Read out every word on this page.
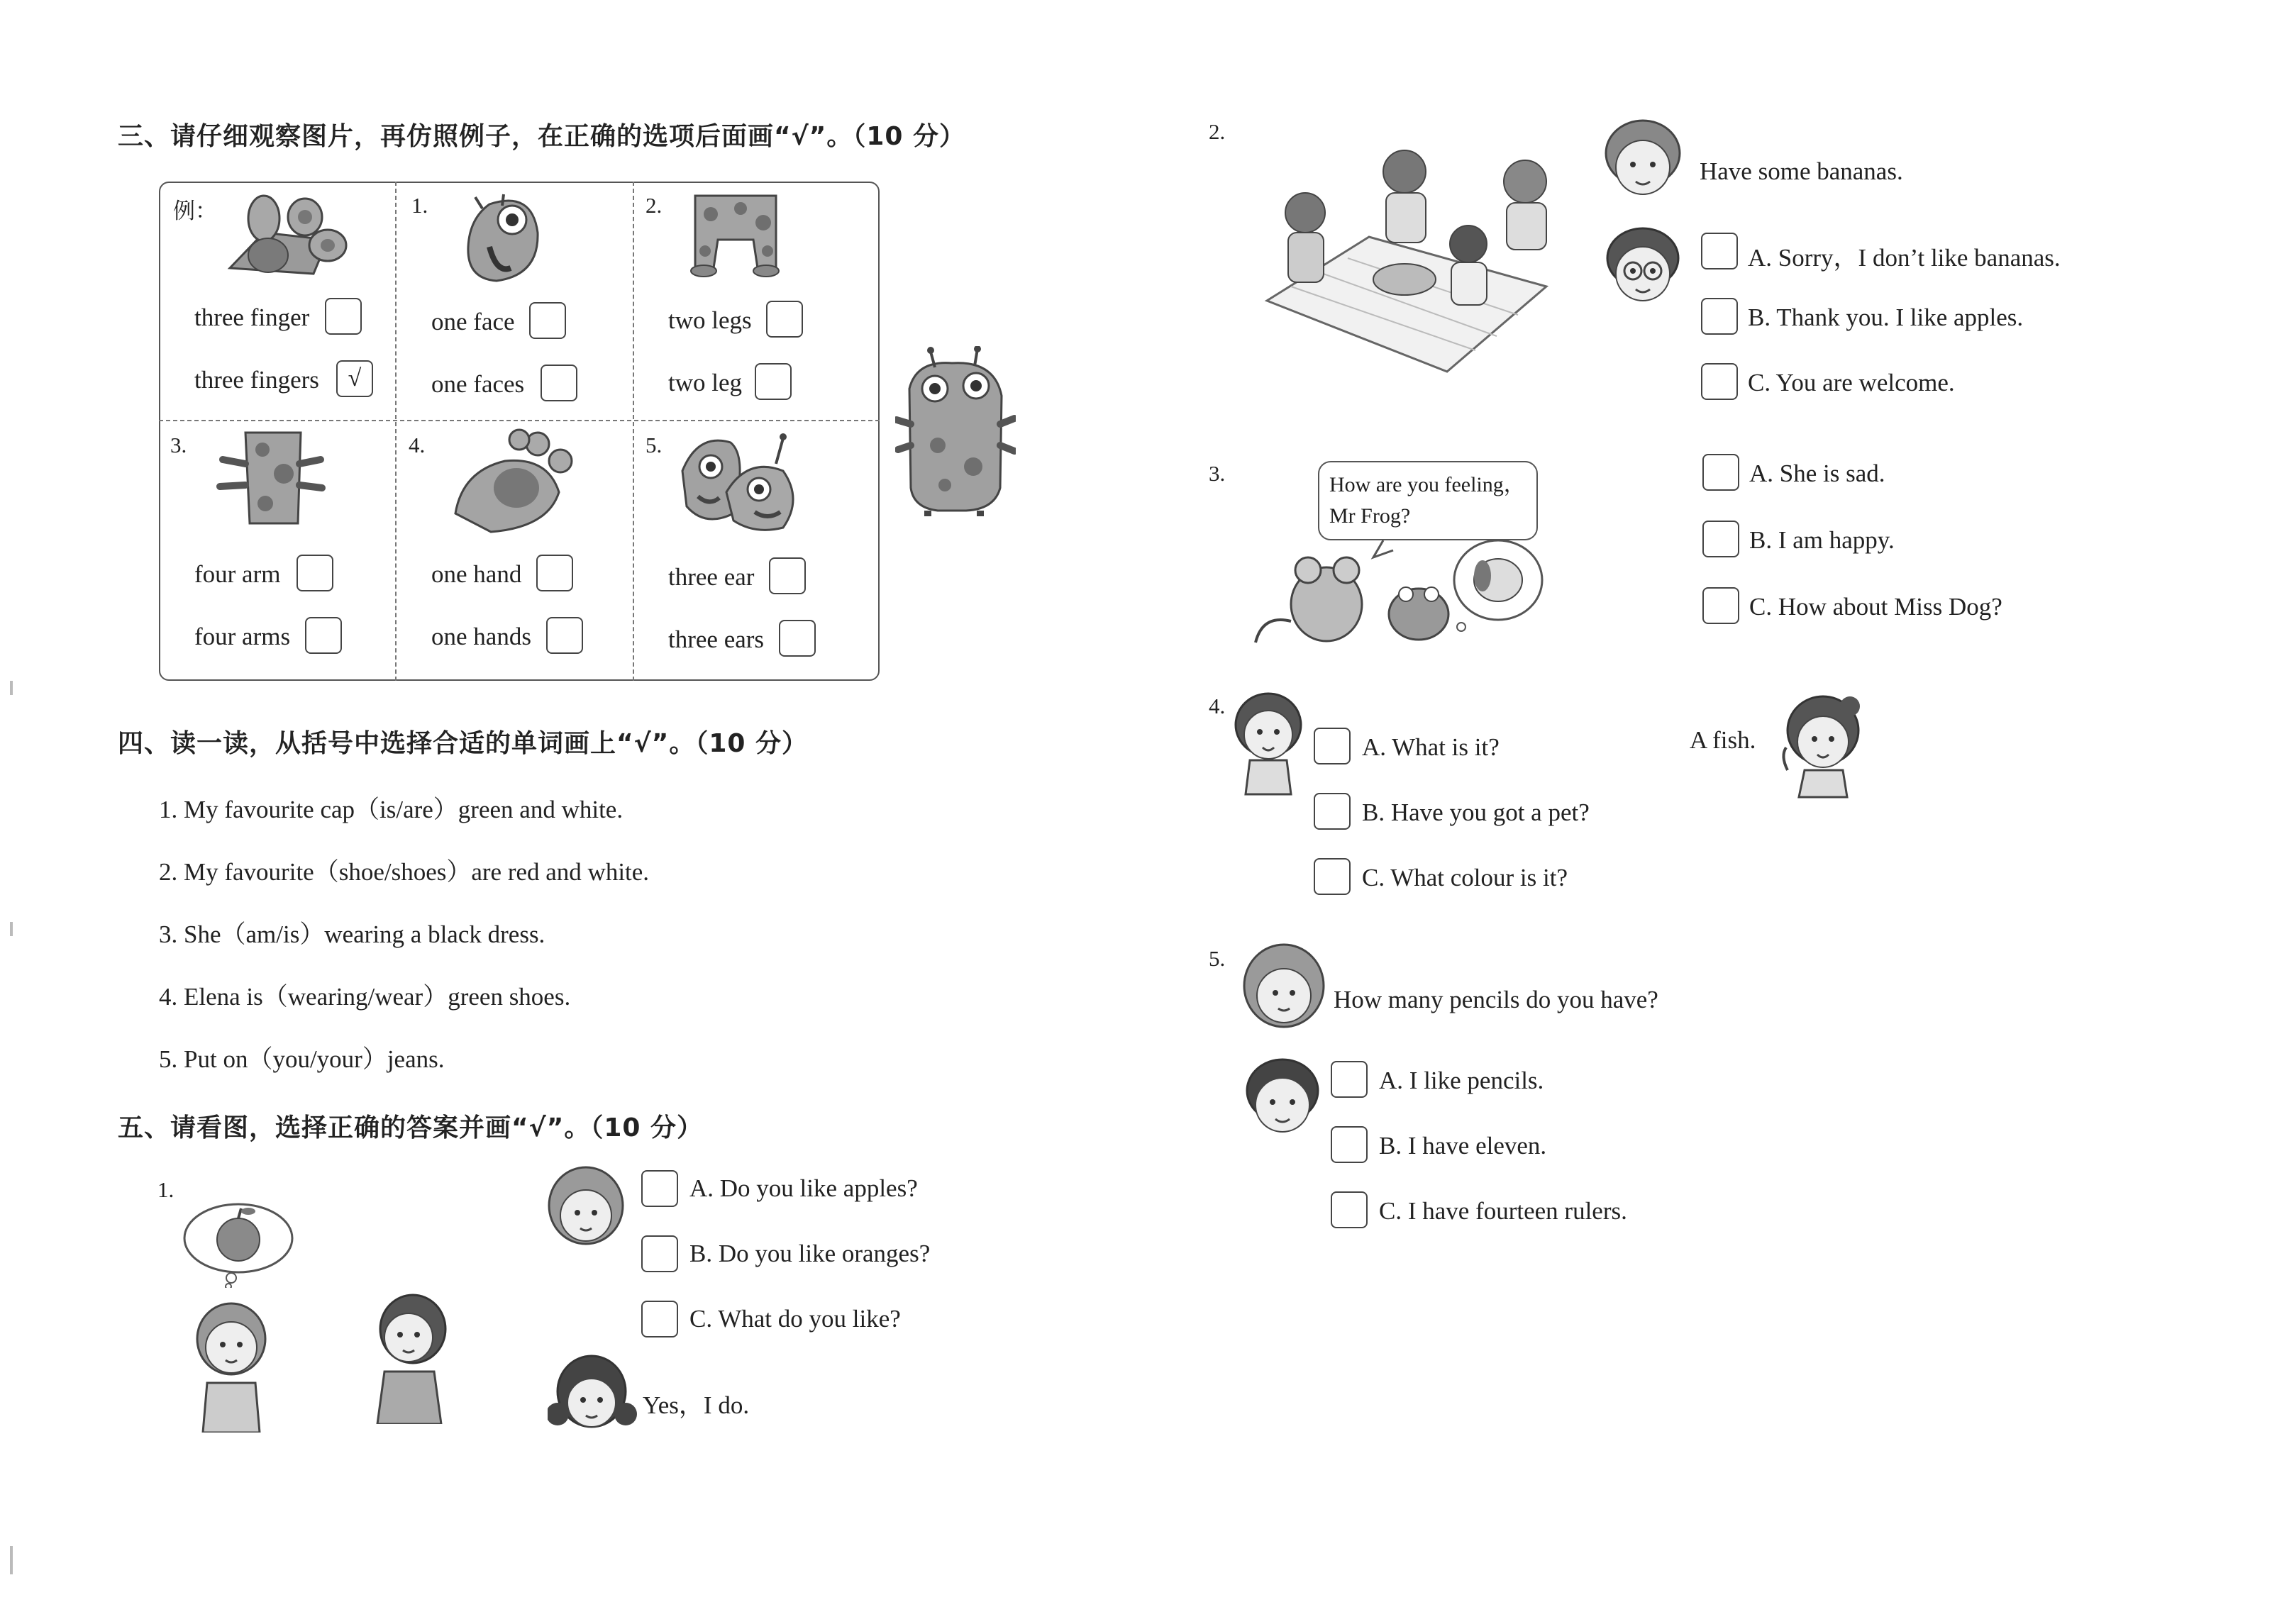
三、请仔细观察图片，再仿照例子，在正确的选项后面画“√”。（10 分）
例：
three finger
three fingers	√
1.
one face
one faces
2.
two legs
two leg
3.
four arm
four arms
4.
one hand
one hands
5.
three ear
three ears
四、读一读，从括号中选择合适的单词画上“√”。（10 分）
1. My favourite cap（is/are）green and white.
2. My favourite（shoe/shoes）are red and white.
3. She（am/is）wearing a black dress.
4. Elena is（wearing/wear）green shoes.
5. Put on（you/your）jeans.
五、请看图，选择正确的答案并画“√”。（10 分）
1.	A. Do you like apples?
B. Do you like oranges?
C. What do you like?
Yes，I do.
2.
Have some bananas.
A. Sorry，I don’t like bananas.
B. Thank you. I like apples.
C. You are welcome.
3.	How are you feeling，
Mr Frog?
A. She is sad.
B. I am happy.
C. How about Miss Dog?
4.
A. What is it?
B. Have you got a pet?
C. What colour is it?
A fish.
5.
How many pencils do you have?
A. I like pencils.
B. I have eleven.
C. I have fourteen rulers.
